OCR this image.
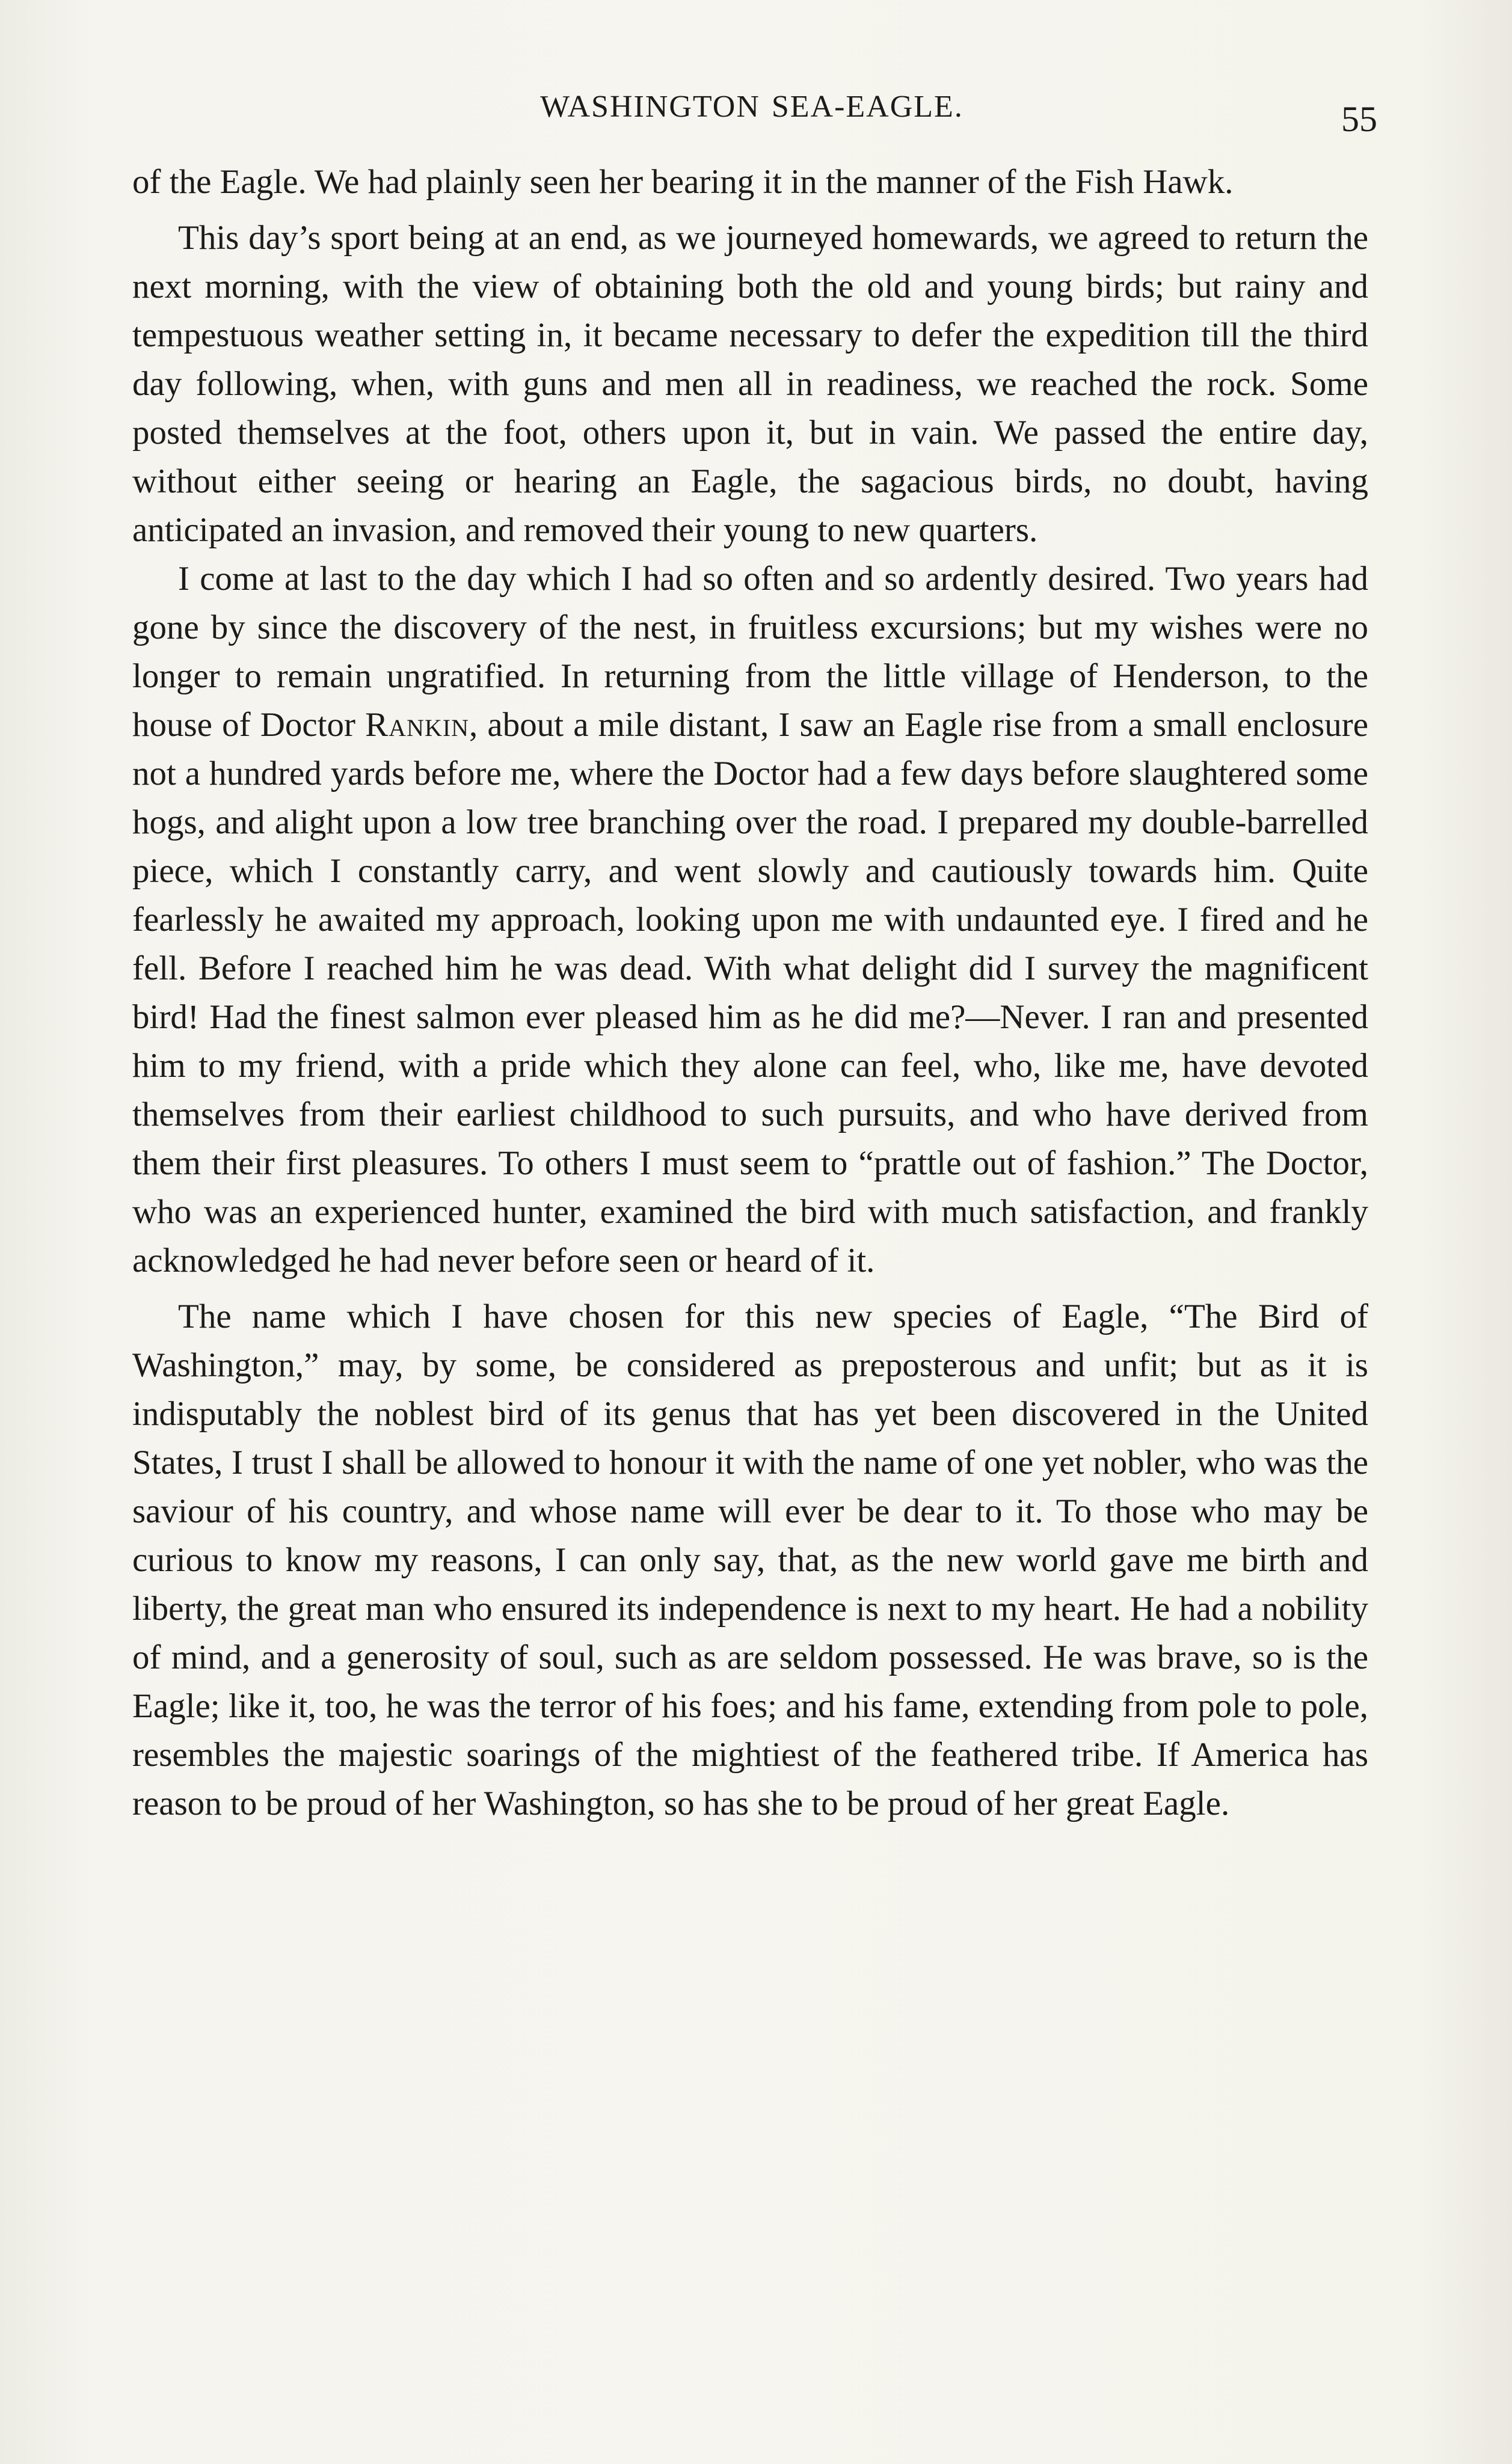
WASHINGTON SEA-EAGLE.	55

of the Eagle. We had plainly seen her bearing it in the manner of the Fish Hawk.

This day’s sport being at an end, as we journeyed homewards, we agreed to return the next morning, with the view of obtaining both the old and young birds; but rainy and tempestuous weather setting in, it became necessary to defer the expedition till the third day following, when, with guns and men all in readiness, we reached the rock. Some posted themselves at the foot, others upon it, but in vain. We passed the entire day, without either seeing or hearing an Eagle, the sagacious birds, no doubt, having anticipated an invasion, and removed their young to new quarters.

I come at last to the day which I had so often and so ardently desired. Two years had gone by since the discovery of the nest, in fruitless excursions; but my wishes were no longer to remain ungratified. In returning from the little village of Henderson, to the house of Doctor Rankin, about a mile distant, I saw an Eagle rise from a small enclosure not a hundred yards before me, where the Doctor had a few days before slaughtered some hogs, and alight upon a low tree branching over the road. I prepared my double-barrelled piece, which I constantly carry, and went slowly and cautiously towards him. Quite fearlessly he awaited my approach, looking upon me with undaunted eye. I fired and he fell. Before I reached him he was dead. With what delight did I survey the magnificent bird! Had the finest salmon ever pleased him as he did me?—Never. I ran and presented him to my friend, with a pride which they alone can feel, who, like me, have devoted themselves from their earliest childhood to such pursuits, and who have derived from them their first pleasures. To others I must seem to “prattle out of fashion.” The Doctor, who was an experienced hunter, examined the bird with much satisfaction, and frankly acknowledged he had never before seen or heard of it.

The name which I have chosen for this new species of Eagle, “The Bird of Washington,” may, by some, be considered as preposterous and unfit; but as it is indisputably the noblest bird of its genus that has yet been discovered in the United States, I trust I shall be allowed to honour it with the name of one yet nobler, who was the saviour of his country, and whose name will ever be dear to it. To those who may be curious to know my reasons, I can only say, that, as the new world gave me birth and liberty, the great man who ensured its independence is next to my heart. He had a nobility of mind, and a generosity of soul, such as are seldom possessed. He was brave, so is the Eagle; like it, too, he was the terror of his foes; and his fame, extending from pole to pole, resembles the majestic soarings of the mightiest of the feathered tribe. If America has reason to be proud of her Washington, so has she to be proud of her great Eagle.
